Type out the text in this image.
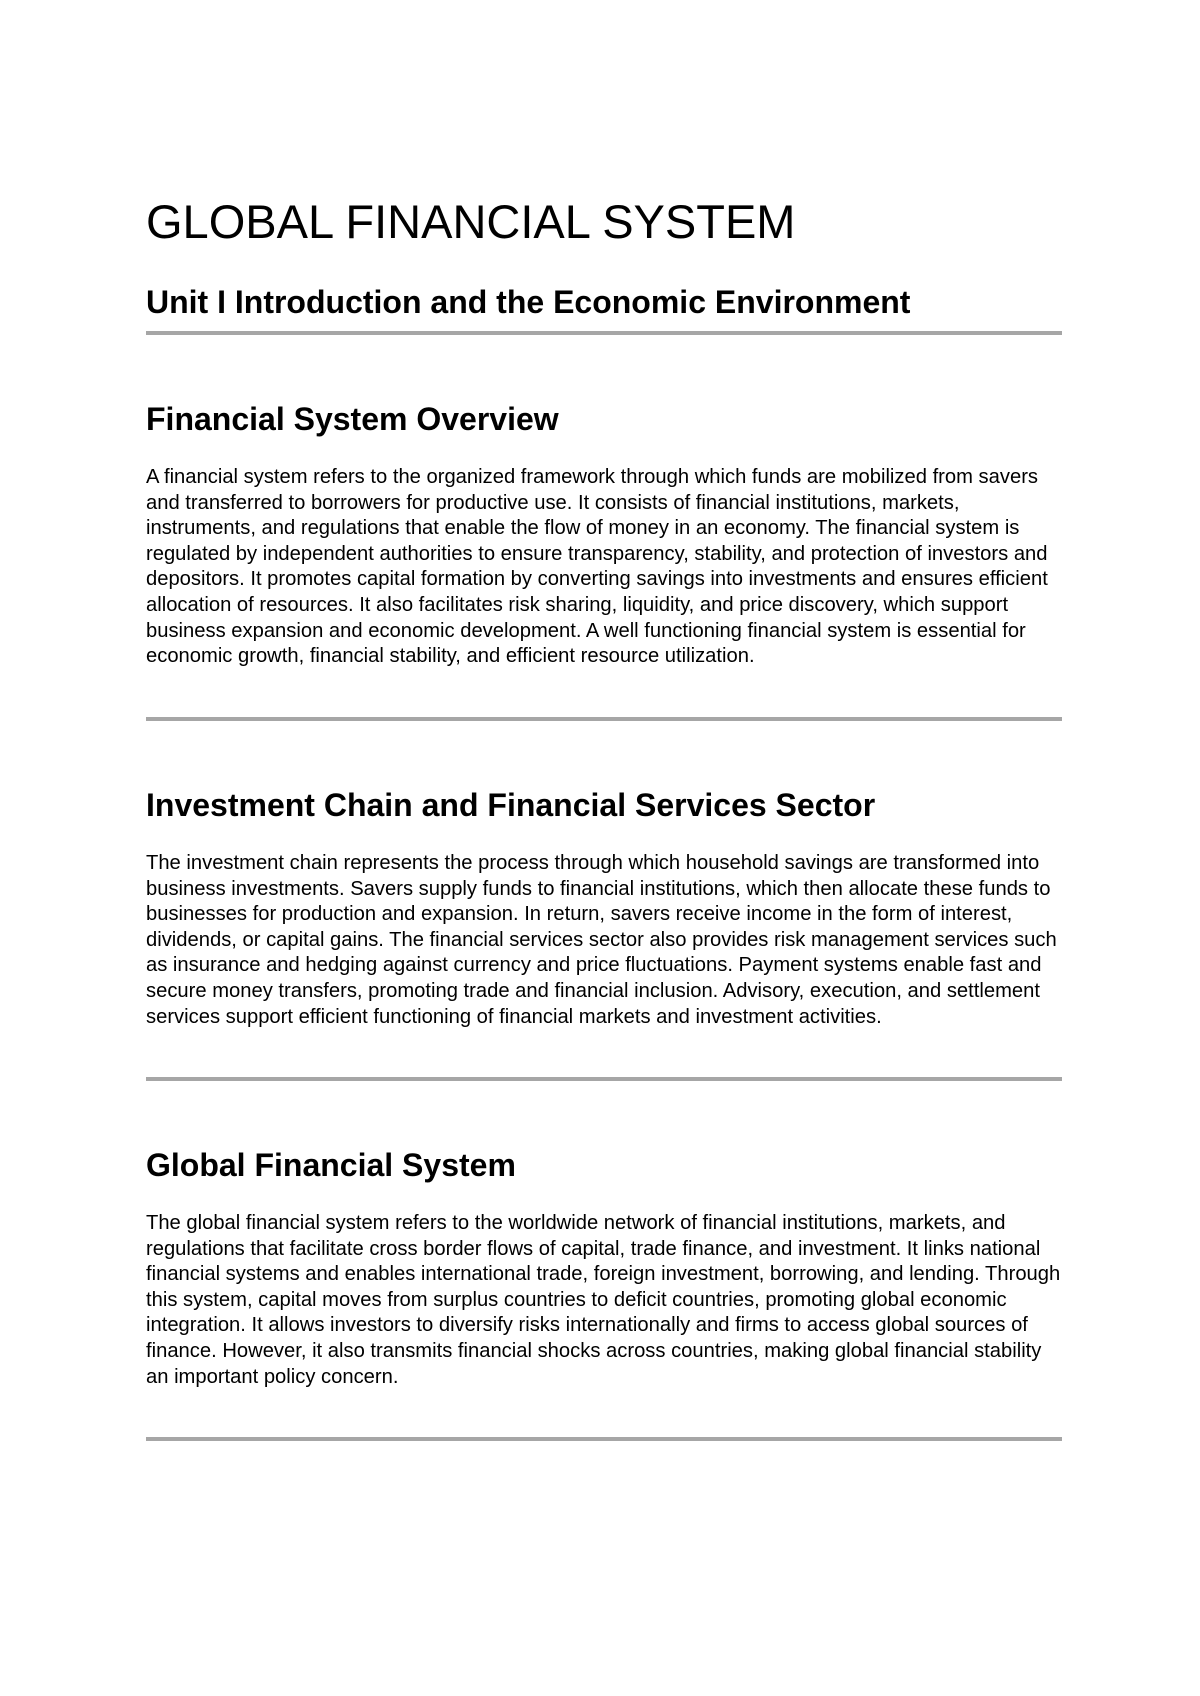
GLOBAL FINANCIAL SYSTEM
Unit I Introduction and the Economic Environment
Financial System Overview

A financial system refers to the organized framework through which funds are mobilized from savers and transferred to borrowers for productive use. It consists of financial institutions, markets, instruments, and regulations that enable the flow of money in an economy. The financial system is regulated by independent authorities to ensure transparency, stability, and protection of investors and depositors. It promotes capital formation by converting savings into investments and ensures efficient allocation of resources. It also facilitates risk sharing, liquidity, and price discovery, which support business expansion and economic development. A well functioning financial system is essential for economic growth, financial stability, and efficient resource utilization.

Investment Chain and Financial Services Sector

The investment chain represents the process through which household savings are transformed into business investments. Savers supply funds to financial institutions, which then allocate these funds to businesses for production and expansion. In return, savers receive income in the form of interest, dividends, or capital gains. The financial services sector also provides risk management services such as insurance and hedging against currency and price fluctuations. Payment systems enable fast and secure money transfers, promoting trade and financial inclusion. Advisory, execution, and settlement services support efficient functioning of financial markets and investment activities.

Global Financial System

The global financial system refers to the worldwide network of financial institutions, markets, and regulations that facilitate cross border flows of capital, trade finance, and investment. It links national financial systems and enables international trade, foreign investment, borrowing, and lending. Through this system, capital moves from surplus countries to deficit countries, promoting global economic integration. It allows investors to diversify risks internationally and firms to access global sources of finance. However, it also transmits financial shocks across countries, making global financial stability an important policy concern.
